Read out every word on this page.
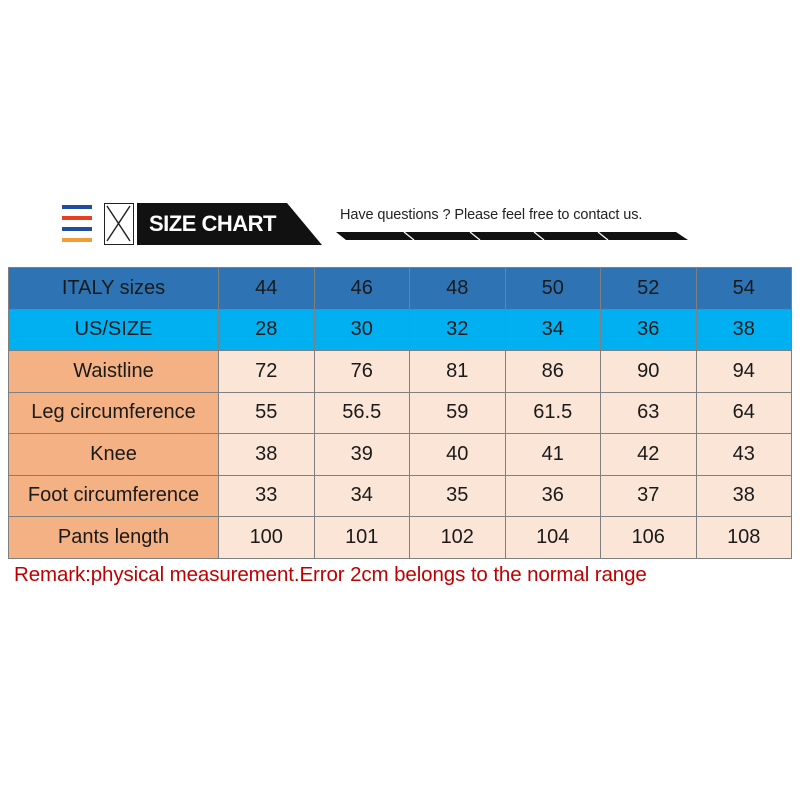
SIZE CHART	Have questions ? Please feel free to contact us.
ITALY sizes	44	46	48	50	52	54
US/SIZE	28	30	32	34	36	38
Waistline	72	76	81	86	90	94
Leg circumference	55	56.5	59	61.5	63	64
Knee	38	39	40	41	42	43
Foot circumference	33	34	35	36	37	38
Pants length	100	101	102	104	106	108
Remark:physical measurement.Error 2cm belongs to the normal range
